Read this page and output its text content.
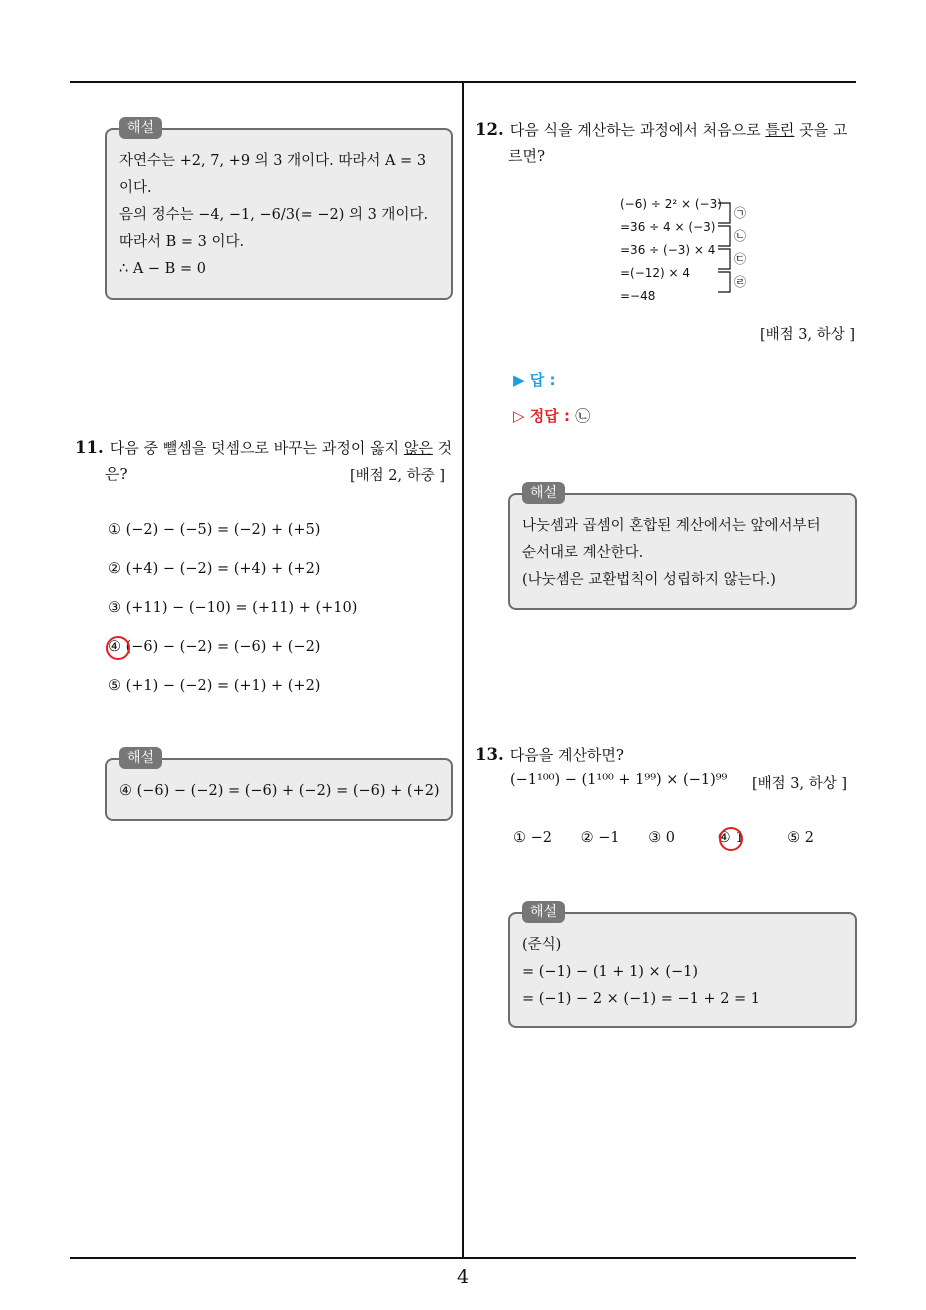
해설
자연수는 +2, 7, +9 의 3 개이다. 따라서 A = 3
이다.
음의 정수는 −4, −1, −6/3(= −2) 의 3 개이다.
따라서 B = 3 이다.
∴ A − B = 0
11. 다음 중 뺄셈을 덧셈으로 바꾸는 과정이 옳지 않은 것
은?	[배점 2, 하중 ]
① (−2) − (−5) = (−2) + (+5)
② (+4) − (−2) = (+4) + (+2)
③ (+11) − (−10) = (+11) + (+10)
④ (−6) − (−2) = (−6) + (−2)
⑤ (+1) − (−2) = (+1) + (+2)
해설
④ (−6) − (−2) = (−6) + (−2) = (−6) + (+2)
12. 다음 식을 계산하는 과정에서 처음으로 틀린 곳을 고
르면?
(−6) ÷ 2² × (−3)
=36 ÷ 4 × (−3)
=36 ÷ (−3) × 4
=(−12) × 4
=−48
㉠
㉡
㉢
㉣
[배점 3, 하상 ]
▶ 답 :
▷ 정답 : ㉡
해설
나눗셈과 곱셈이 혼합된 계산에서는 앞에서부터
순서대로 계산한다.
(나눗셈은 교환법칙이 성립하지 않는다.)
13. 다음을 계산하면?
(−1¹⁰⁰) − (1¹⁰⁰ + 1⁹⁹) × (−1)⁹⁹ [배점 3, 하상 ]
① −2 ② −1 ③ 0	④ 1	⑤ 2
해설
(준식)
= (−1) − (1 + 1) × (−1)
= (−1) − 2 × (−1) = −1 + 2 = 1
4
